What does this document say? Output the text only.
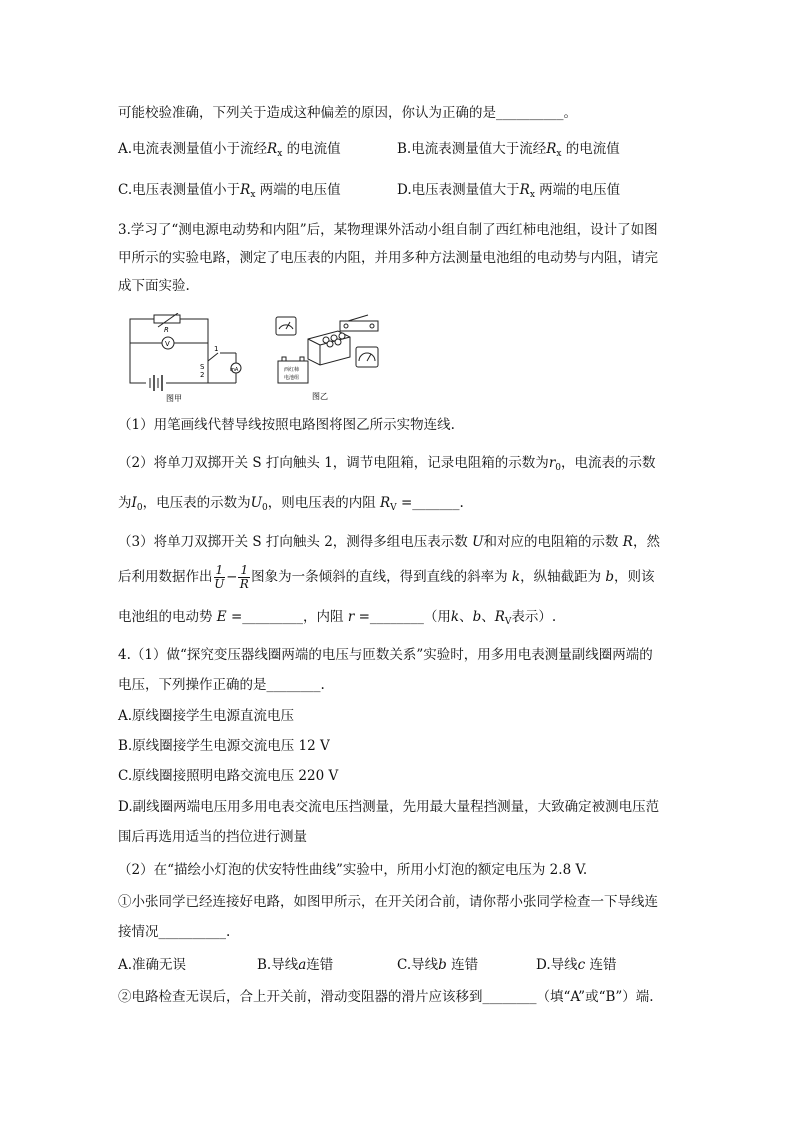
可能校验准确，下列关于造成这种偏差的原因，你认为正确的是__________。
A.电流表测量值小于流经$R_x$ 的电流值	B.电流表测量值大于流经$R_x$ 的电流值
C.电压表测量值小于$R_x$ 两端的电压值	D.电压表测量值大于$R_x$ 两端的电压值
3.学习了“测电源电动势和内阻”后，某物理课外活动小组自制了西红柿电池组，设计了如图
甲所示的实验电路，测定了电压表的内阻，并用多种方法测量电池组的电动势与内阻，请完
成下面实验.
R
V
1
S
2
mA
图甲
西红柿
电池组
图乙
（1）用笔画线代替导线按照电路图将图乙所示实物连线.
（2）将单刀双掷开关 S 打向触头 1，调节电阻箱，记录电阻箱的示数为$r_0$，电流表的示数
为$I_0$，电压表的示数为$U_0$，则电压表的内阻 $R_V$ =_______.
（3）将单刀双掷开关 S 打向触头 2，测得多组电压表示数 U和对应的电阻箱的示数 R，然
后利用数据作出 $\frac{1}{U} - \frac{1}{R}$ 图象为一条倾斜的直线，得到直线的斜率为 k，纵轴截距为 b，则该
电池组的电动势 E =_________，内阻 r =________（用k、b、$R_V$表示）.
4.（1）做“探究变压器线圈两端的电压与匝数关系”实验时，用多用电表测量副线圈两端的
电压，下列操作正确的是________.
A.原线圈接学生电源直流电压
B.原线圈接学生电源交流电压 12 V
C.原线圈接照明电路交流电压 220 V
D.副线圈两端电压用多用电表交流电压挡测量，先用最大量程挡测量，大致确定被测电压范
围后再选用适当的挡位进行测量
（2）在“描绘小灯泡的伏安特性曲线”实验中，所用小灯泡的额定电压为 2.8 V.
①小张同学已经连接好电路，如图甲所示，在开关闭合前，请你帮小张同学检查一下导线连
接情况__________.
A.准确无误	B.导线a连错	C.导线b 连错	D.导线c 连错
②电路检查无误后，合上开关前，滑动变阻器的滑片应该移到________（填“A”或“B”）端.
